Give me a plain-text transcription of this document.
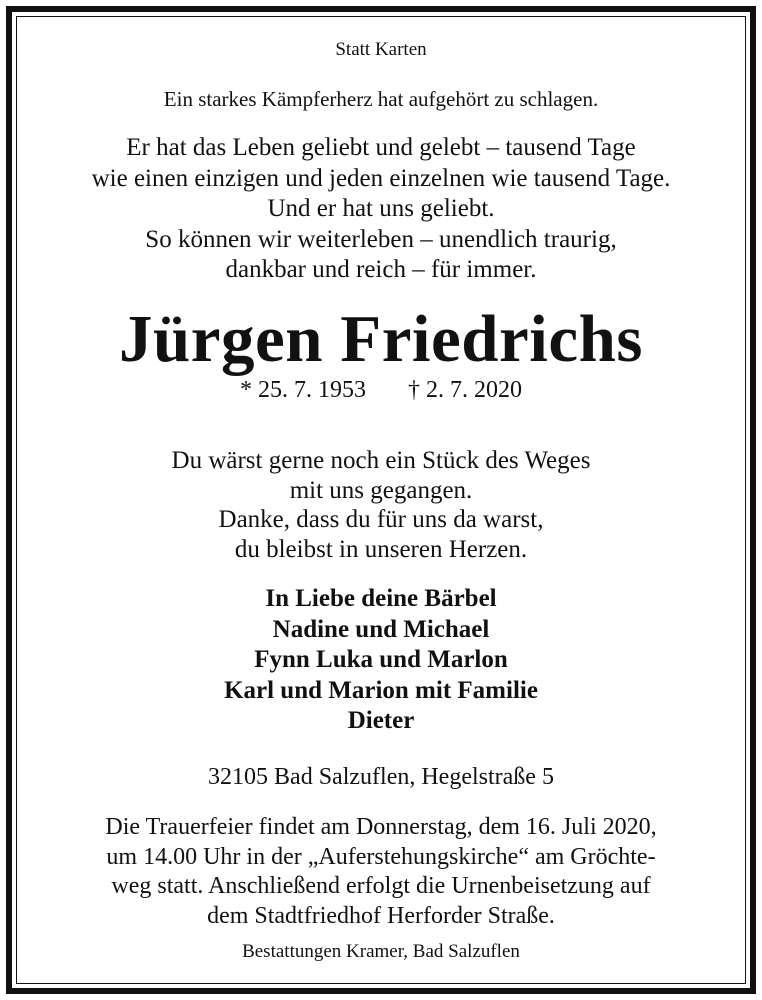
Statt Karten
Ein starkes Kämpferherz hat aufgehört zu schlagen.
Er hat das Leben geliebt und gelebt – tausend Tage
wie einen einzigen und jeden einzelnen wie tausend Tage.
Und er hat uns geliebt.
So können wir weiterleben – unendlich traurig,
dankbar und reich – für immer.
Jürgen Friedrichs
* 25. 7. 1953 † 2. 7. 2020
Du wärst gerne noch ein Stück des Weges
mit uns gegangen.
Danke, dass du für uns da warst,
du bleibst in unseren Herzen.
In Liebe deine Bärbel
Nadine und Michael
Fynn Luka und Marlon
Karl und Marion mit Familie
Dieter
32105 Bad Salzuflen, Hegelstraße 5
Die Trauerfeier findet am Donnerstag, dem 16. Juli 2020,
um 14.00 Uhr in der „Auferstehungskirche“ am Gröchte-
weg statt. Anschließend erfolgt die Urnenbeisetzung auf
dem Stadtfriedhof Herforder Straße.
Bestattungen Kramer, Bad Salzuflen
